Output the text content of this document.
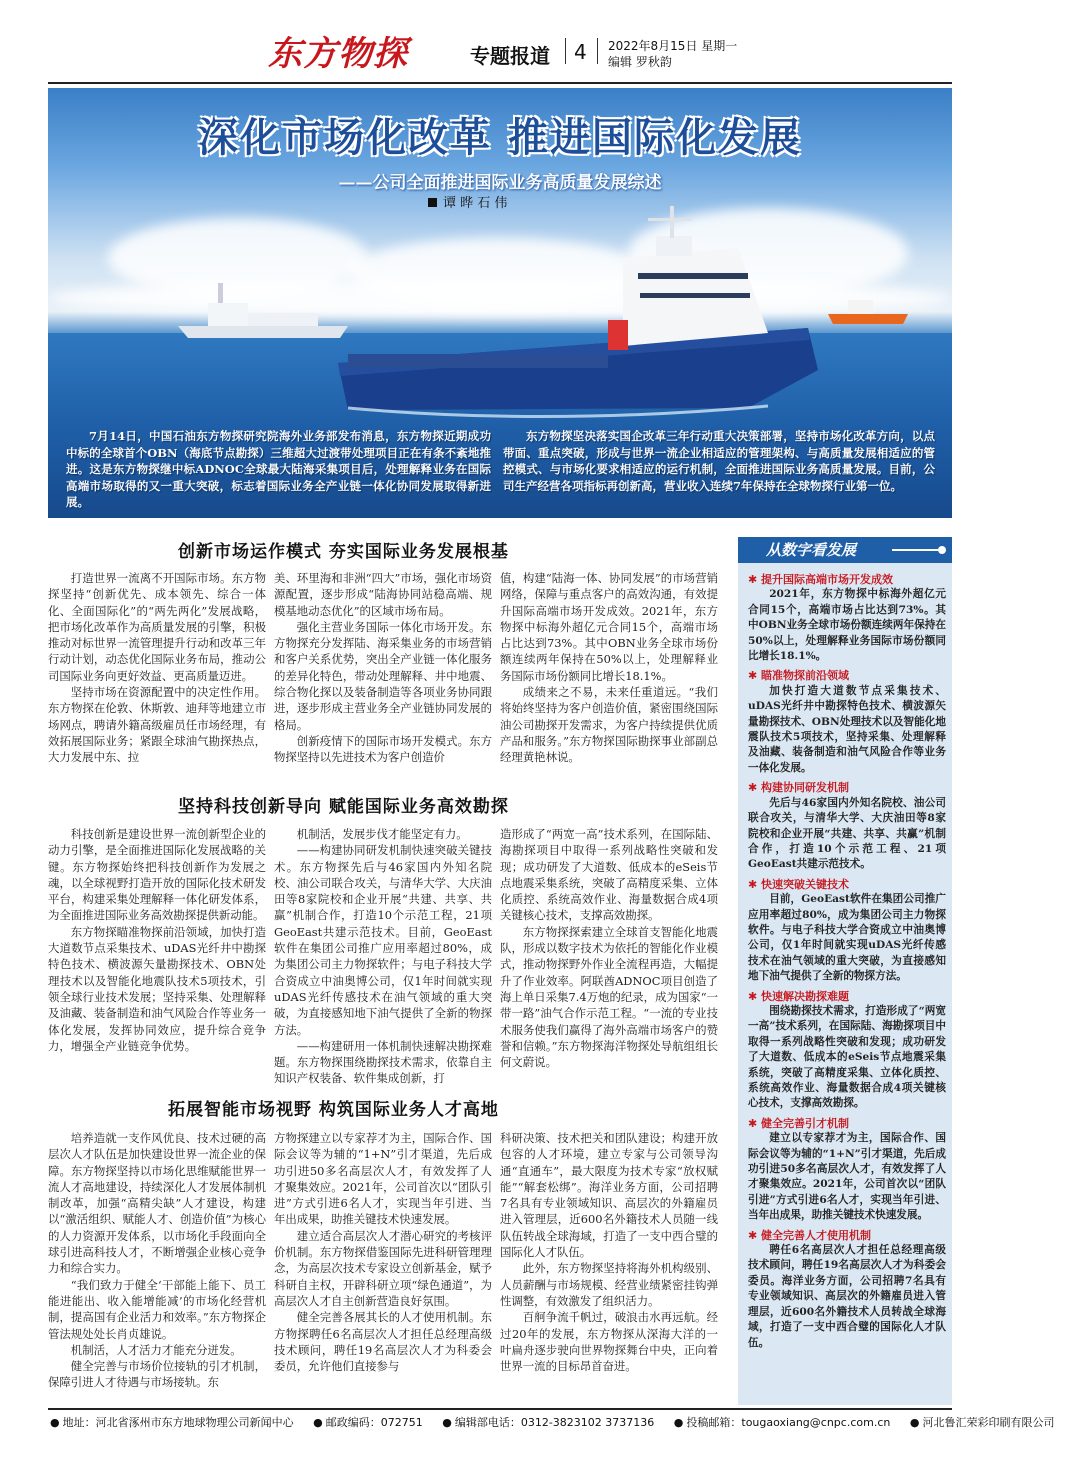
东方物探	专题报道 4 2022年8月15日 星期一
编辑 罗秋韵
深化市场化改革 推进国际化发展
——公司全面推进国际业务高质量发展综述
谭 晔 石 伟
7月14日，中国石油东方物探研究院海外业务部发布消息，东方物探近期成功中标的全球首个OBN（海底节点勘探）三维超大过渡带处理项目正在有条不紊地推进。这是东方物探继中标ADNOC全球最大陆海采集项目后，处理解释业务在国际高端市场取得的又一重大突破，标志着国际业务全产业链一体化协同发展取得新进展。
东方物探坚决落实国企改革三年行动重大决策部署，坚持市场化改革方向，以点带面、重点突破，形成与世界一流企业相适应的管理架构、与高质量发展相适应的管控模式、与市场化要求相适应的运行机制，全面推进国际业务高质量发展。目前，公司生产经营各项指标再创新高，营业收入连续7年保持在全球物探行业第一位。
创新市场运作模式 夯实国际业务发展根基

打造世界一流离不开国际市场。东方物探坚持“创新优先、成本领先、综合一体化、全面国际化”的“两先两化”发展战略，把市场化改革作为高质量发展的引擎，积极推动对标世界一流管理提升行动和改革三年行动计划，动态优化国际业务布局，推动公司国际业务向更好效益、更高质量迈进。

坚持市场在资源配置中的决定性作用。东方物探在伦敦、休斯敦、迪拜等地建立市场网点，聘请外籍高级雇员任市场经理，有效拓展国际业务；紧跟全球油气勘探热点，大力发展中东、拉

美、环里海和非洲“四大”市场，强化市场资源配置，逐步形成“陆海协同站稳高端、规模基地动态优化”的区域市场布局。

强化主营业务国际一体化市场开发。东方物探充分发挥陆、海采集业务的市场营销和客户关系优势，突出全产业链一体化服务的差异化特色，带动处理解释、井中地震、综合物化探以及装备制造等各项业务协同跟进，逐步形成主营业务全产业链协同发展的格局。

创新疫情下的国际市场开发模式。东方物探坚持以先进技术为客户创造价

值，构建“陆海一体、协同发展”的市场营销网络，保障与重点客户的高效沟通，有效提升国际高端市场开发成效。2021年，东方物探中标海外超亿元合同15个，高端市场占比达到73%。其中OBN业务全球市场份额连续两年保持在50%以上，处理解释业务国际市场份额同比增长18.1%。

成绩来之不易，未来任重道远。“我们将始终坚持为客户创造价值，紧密围绕国际油公司勘探开发需求，为客户持续提供优质产品和服务。”东方物探国际勘探事业部副总经理黄艳林说。

坚持科技创新导向 赋能国际业务高效勘探

科技创新是建设世界一流创新型企业的动力引擎，是全面推进国际化发展战略的关键。东方物探始终把科技创新作为发展之魂，以全球视野打造开放的国际化技术研发平台，构建采集处理解释一体化研发体系，为全面推进国际业务高效勘探提供新动能。

东方物探瞄准物探前沿领域，加快打造大道数节点采集技术、uDAS光纤井中勘探特色技术、横波源矢量勘探技术、OBN处理技术以及智能化地震队技术5项技术，引领全球行业技术发展；坚持采集、处理解释及油藏、装备制造和油气风险合作等业务一体化发展，发挥协同效应，提升综合竞争力，增强全产业链竞争优势。

机制活，发展步伐才能坚定有力。

——构建协同研发机制快速突破关键技术。东方物探先后与46家国内外知名院校、油公司联合攻关，与清华大学、大庆油田等8家院校和企业开展“共建、共享、共赢”机制合作，打造10个示范工程，21项GeoEast共建示范技术。目前，GeoEast软件在集团公司推广应用率超过80%，成为集团公司主力物探软件；与电子科技大学合资成立中油奥博公司，仅1年时间就实现uDAS光纤传感技术在油气领域的重大突破，为直接感知地下油气提供了全新的物探方法。

——构建研用一体机制快速解决勘探难题。东方物探围绕勘探技术需求，依靠自主知识产权装备、软件集成创新，打

造形成了“两宽一高”技术系列，在国际陆、海勘探项目中取得一系列战略性突破和发现；成功研发了大道数、低成本的eSeis节点地震采集系统，突破了高精度采集、立体化质控、系统高效作业、海量数据合成4项关键核心技术，支撑高效勘探。

东方物探探索建立全球首支智能化地震队，形成以数字技术为依托的智能化作业模式，推动物探野外作业全流程再造，大幅提升了作业效率。阿联酋ADNOC项目创造了海上单日采集7.4万炮的纪录，成为国家“一带一路”油气合作示范工程。“一流的专业技术服务使我们赢得了海外高端市场客户的赞誉和信赖。”东方物探海洋物探处导航组组长何文蔚说。

拓展智能市场视野 构筑国际业务人才高地

培养造就一支作风优良、技术过硬的高层次人才队伍是加快建设世界一流企业的保障。东方物探坚持以市场化思维赋能世界一流人才高地建设，持续深化人才发展体制机制改革，加强“高精尖缺”人才建设，构建以“激活组织、赋能人才、创造价值”为核心的人力资源开发体系，以市场化手段面向全球引进高科技人才，不断增强企业核心竞争力和综合实力。

“我们致力于健全‘干部能上能下、员工能进能出、收入能增能减’的市场化经营机制，提高国有企业活力和效率。”东方物探企管法规处处长肖贞雄说。

机制活，人才活力才能充分迸发。

健全完善与市场价位接轨的引才机制，保障引进人才待遇与市场接轨。东

方物探建立以专家荐才为主，国际合作、国际会议等为辅的“1+N”引才渠道，先后成功引进50多名高层次人才，有效发挥了人才聚集效应。2021年，公司首次以“团队引进”方式引进6名人才，实现当年引进、当年出成果，助推关键技术快速发展。

建立适合高层次人才潜心研究的考核评价机制。东方物探借鉴国际先进科研管理理念，为高层次技术专家设立创新基金，赋予科研自主权，开辟科研立项“绿色通道”，为高层次人才自主创新营造良好氛围。

健全完善各展其长的人才使用机制。东方物探聘任6名高层次人才担任总经理高级技术顾问，聘任19名高层次人才为科委会委员，允许他们直接参与

科研决策、技术把关和团队建设；构建开放包容的人才环境，建立专家与公司领导沟通“直通车”，最大限度为技术专家“放权赋能”“解套松绑”。海洋业务方面，公司招聘7名具有专业领域知识、高层次的外籍雇员进入管理层，近600名外籍技术人员随一线队伍转战全球海域，打造了一支中西合璧的国际化人才队伍。

此外，东方物探坚持将海外机构级别、人员薪酬与市场规模、经营业绩紧密挂钩弹性调整，有效激发了组织活力。

百舸争流千帆过，破浪击水再远航。经过20年的发展，东方物探从深海大洋的一叶扁舟逐步驶向世界物探舞台中央，正向着世界一流的目标昂首奋进。

从数字看发展
✱ 提升国际高端市场开发成效
2021年，东方物探中标海外超亿元合同15个，高端市场占比达到73%。其中OBN业务全球市场份额连续两年保持在50%以上，处理解释业务国际市场份额同比增长18.1%。
✱ 瞄准物探前沿领域
加快打造大道数节点采集技术、uDAS光纤井中勘探特色技术、横波源矢量勘探技术、OBN处理技术以及智能化地震队技术5项技术，坚持采集、处理解释及油藏、装备制造和油气风险合作等业务一体化发展。
✱ 构建协同研发机制
先后与46家国内外知名院校、油公司联合攻关，与清华大学、大庆油田等8家院校和企业开展“共建、共享、共赢”机制合作，打造10个示范工程、21项GeoEast共建示范技术。
✱ 快速突破关键技术
目前，GeoEast软件在集团公司推广应用率超过80%，成为集团公司主力物探软件。与电子科技大学合资成立中油奥博公司，仅1年时间就实现uDAS光纤传感技术在油气领域的重大突破，为直接感知地下油气提供了全新的物探方法。
✱ 快速解决勘探难题
围绕勘探技术需求，打造形成了“两宽一高”技术系列，在国际陆、海勘探项目中取得一系列战略性突破和发现；成功研发了大道数、低成本的eSeis节点地震采集系统，突破了高精度采集、立体化质控、系统高效作业、海量数据合成4项关键核心技术，支撑高效勘探。
✱ 健全完善引才机制
建立以专家荐才为主，国际合作、国际会议等为辅的“1+N”引才渠道，先后成功引进50多名高层次人才，有效发挥了人才聚集效应。2021年，公司首次以“团队引进”方式引进6名人才，实现当年引进、当年出成果，助推关键技术快速发展。
✱ 健全完善人才使用机制
聘任6名高层次人才担任总经理高级技术顾问，聘任19名高层次人才为科委会委员。海洋业务方面，公司招聘7名具有专业领域知识、高层次的外籍雇员进入管理层，近600名外籍技术人员转战全球海域，打造了一支中西合璧的国际化人才队伍。
● 地址：河北省涿州市东方地球物理公司新闻中心	● 邮政编码：072751	● 编辑部电话：0312-3823102 3737136	● 投稿邮箱：tougaoxiang@cnpc.com.cn	● 河北鲁汇荣彩印刷有限公司
